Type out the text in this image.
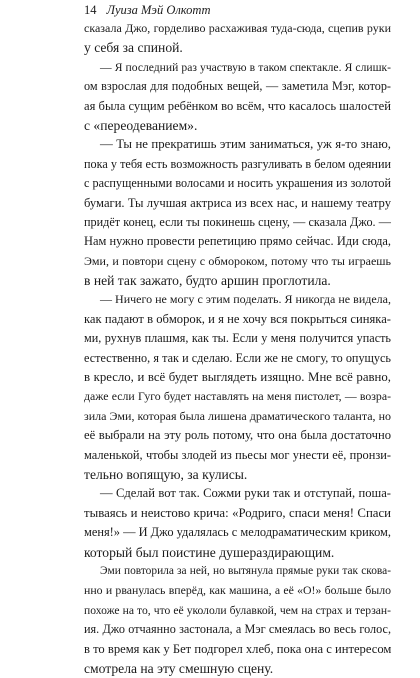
14 Луиза Мэй Олкотт
сказала Джо, горделиво расхаживая туда-сюда, сцепив руки
у себя за спиной.
— Я последний раз участвую в таком спектакле. Я слишк-
ом взрослая для подобных вещей, — заметила Мэг, котор-
ая была сущим ребёнком во всём, что касалось шалостей
с «переодеванием».
— Ты не прекратишь этим заниматься, уж я-то знаю,
пока у тебя есть возможность разгуливать в белом одеянии
с распущенными волосами и носить украшения из золотой
бумаги. Ты лучшая актриса из всех нас, и нашему театру
придёт конец, если ты покинешь сцену, — сказала Джо. —
Нам нужно провести репетицию прямо сейчас. Иди сюда,
Эми, и повтори сцену с обмороком, потому что ты играешь
в ней так зажато, будто аршин проглотила.
— Ничего не могу с этим поделать. Я никогда не видела,
как падают в обморок, и я не хочу вся покрыться синяка-
ми, рухнув плашмя, как ты. Если у меня получится упасть
естественно, я так и сделаю. Если же не смогу, то опущусь
в кресло, и всё будет выглядеть изящно. Мне всё равно,
даже если Гуго будет наставлять на меня пистолет, — возра-
зила Эми, которая была лишена драматического таланта, но
её выбрали на эту роль потому, что она была достаточно
маленькой, чтобы злодей из пьесы мог унести её, пронзи-
тельно вопящую, за кулисы.
— Сделай вот так. Сожми руки так и отступай, поша-
тываясь и неистово крича: «Родриго, спаси меня! Спаси
меня!» — И Джо удалялась с мелодраматическим криком,
который был поистине душераздирающим.
Эми повторила за ней, но вытянула прямые руки так скова-
нно и рванулась вперёд, как машина, а её «О!» больше было
похоже на то, что её укололи булавкой, чем на страх и терзан-
ия. Джо отчаянно застонала, а Мэг смеялась во весь голос,
в то время как у Бет подгорел хлеб, пока она с интересом
смотрела на эту смешную сцену.
